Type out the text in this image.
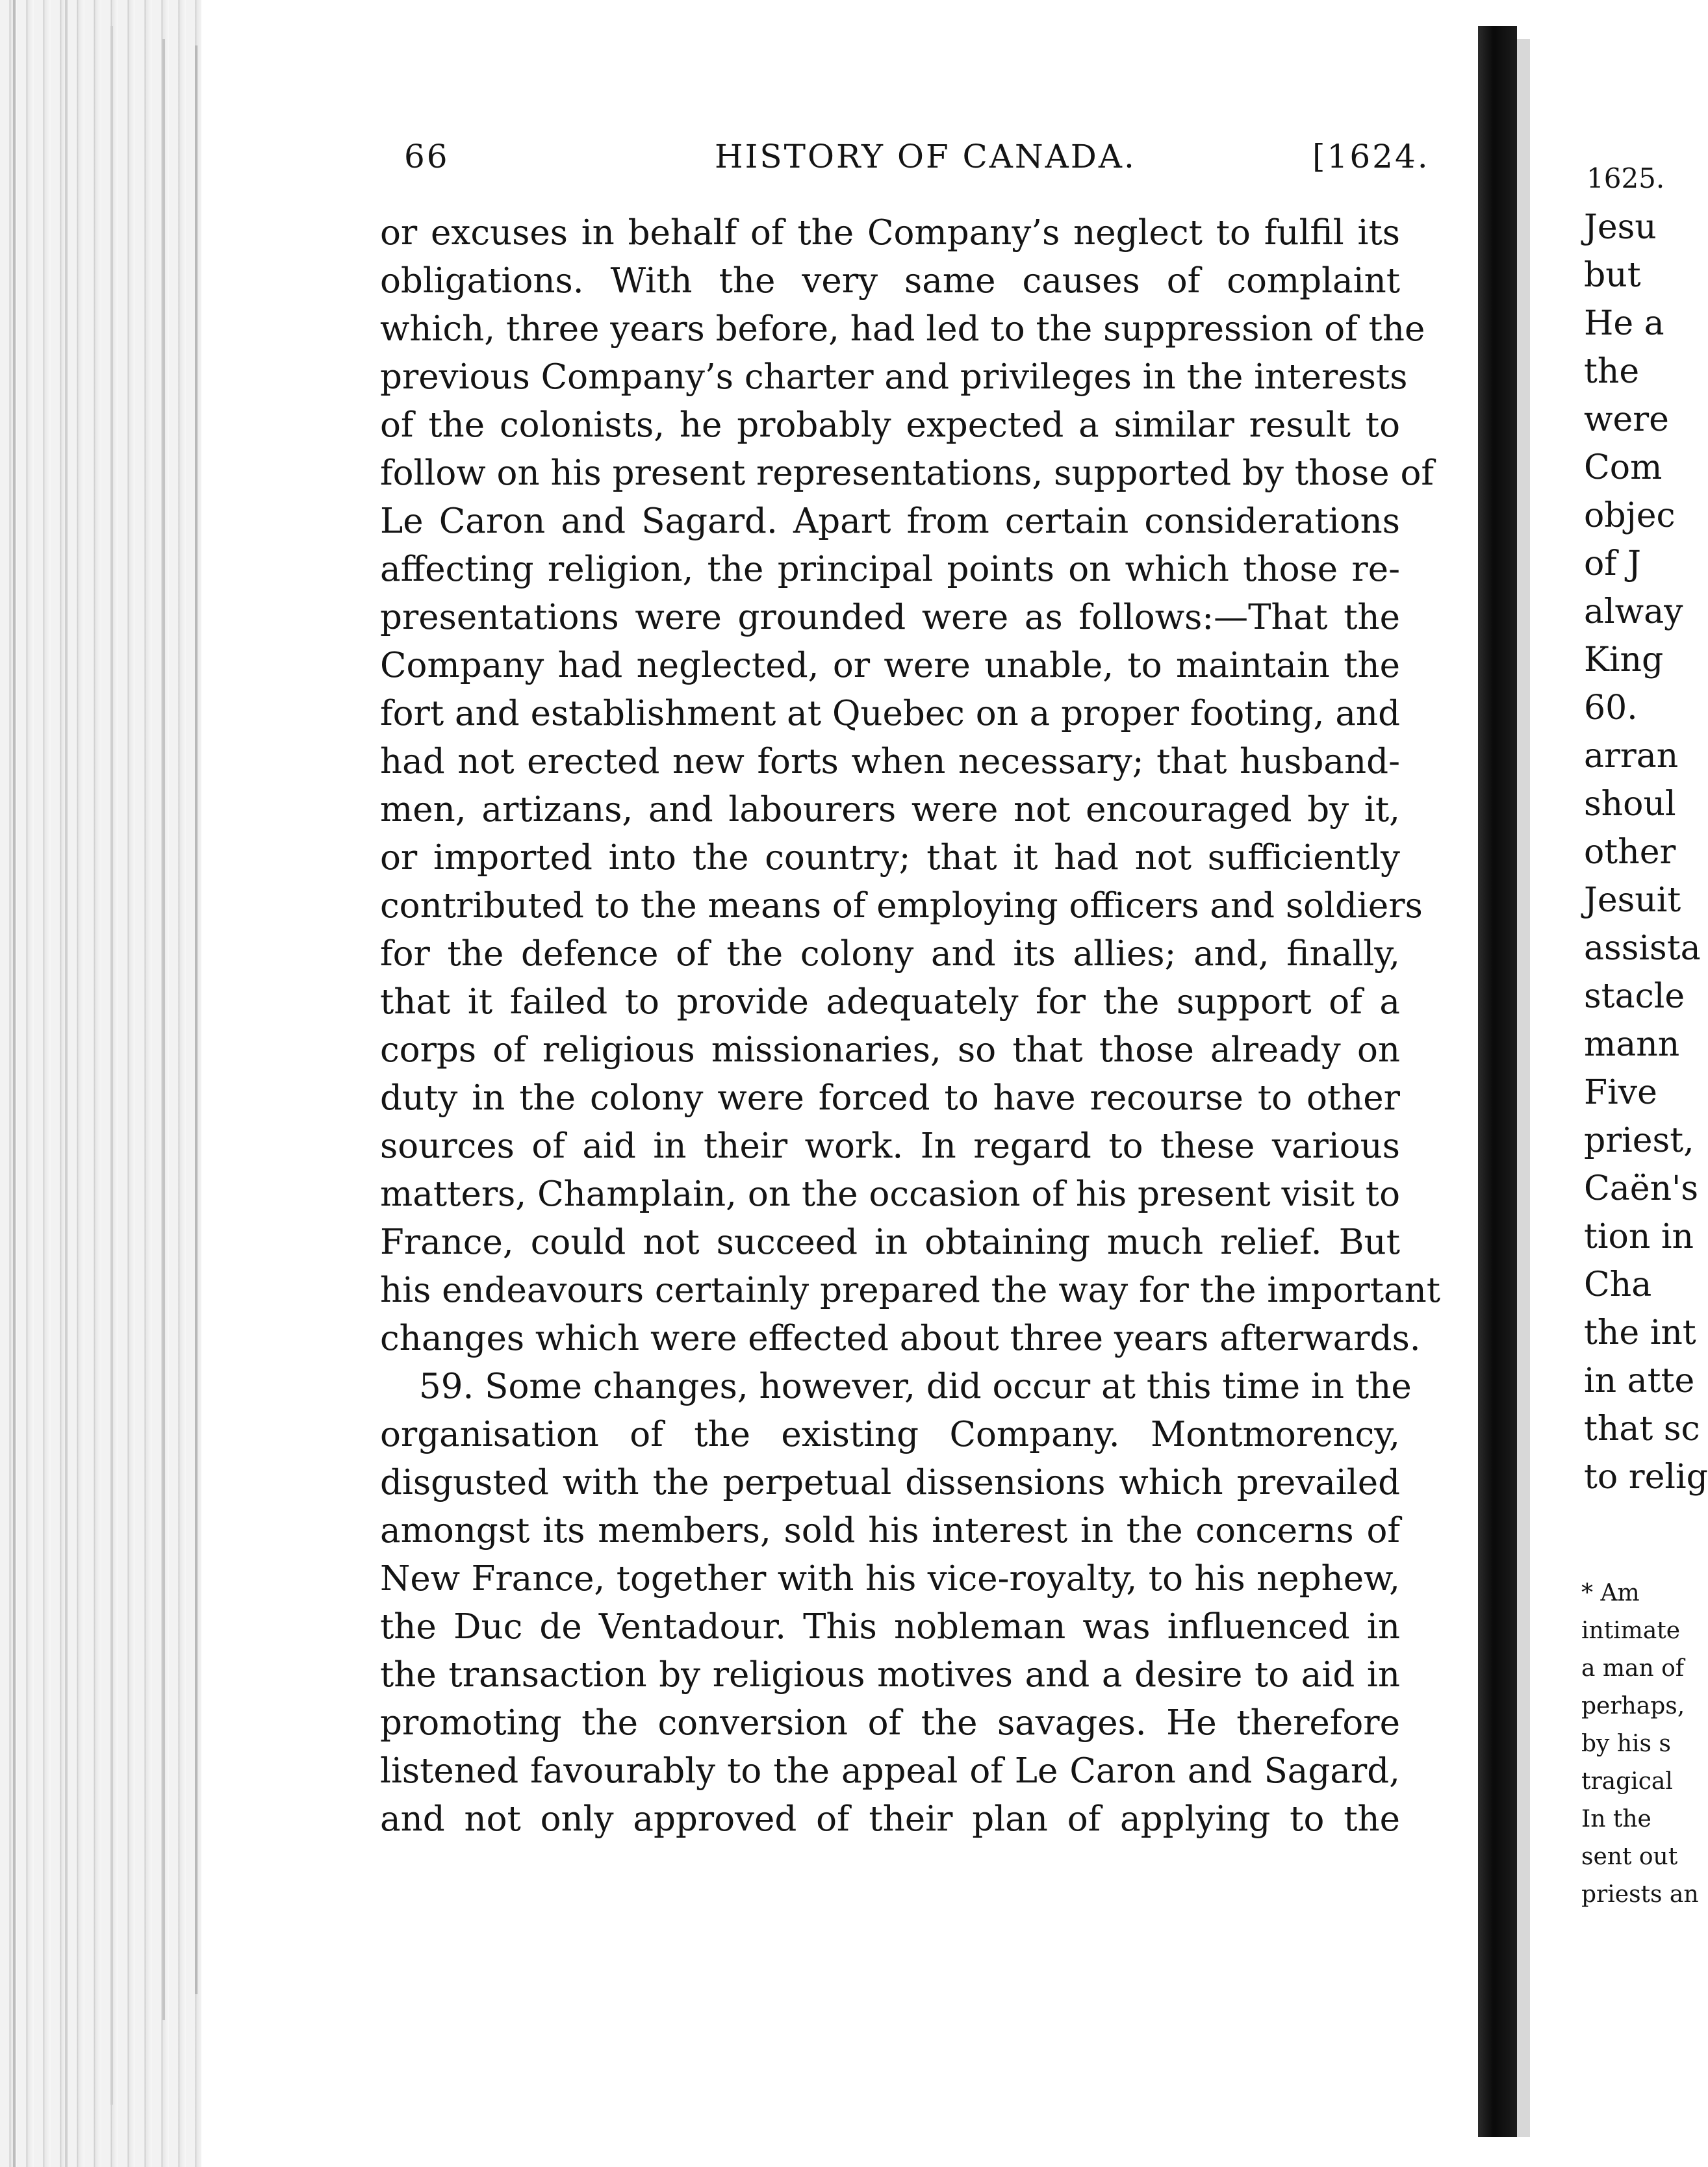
66	HISTORY OF CANADA.	[1624.
or excuses in behalf of the Company’s neglect to fulfil its
obligations. With the very same causes of complaint
which, three years before, had led to the suppression of the
previous Company’s charter and privileges in the interests
of the colonists, he probably expected a similar result to
follow on his present representations, supported by those of
Le Caron and Sagard. Apart from certain considerations
affecting religion, the principal points on which those re-
presentations were grounded were as follows:—That the
Company had neglected, or were unable, to maintain the
fort and establishment at Quebec on a proper footing, and
had not erected new forts when necessary; that husband-
men, artizans, and labourers were not encouraged by it,
or imported into the country; that it had not sufficiently
contributed to the means of employing officers and soldiers
for the defence of the colony and its allies; and, finally,
that it failed to provide adequately for the support of a
corps of religious missionaries, so that those already on
duty in the colony were forced to have recourse to other
sources of aid in their work. In regard to these various
matters, Champlain, on the occasion of his present visit to
France, could not succeed in obtaining much relief. But
his endeavours certainly prepared the way for the important
changes which were effected about three years afterwards.
59. Some changes, however, did occur at this time in the
organisation of the existing Company. Montmorency,
disgusted with the perpetual dissensions which prevailed
amongst its members, sold his interest in the concerns of
New France, together with his vice-royalty, to his nephew,
the Duc de Ventadour. This nobleman was influenced in
the transaction by religious motives and a desire to aid in
promoting the conversion of the savages. He therefore
listened favourably to the appeal of Le Caron and Sagard,
and not only approved of their plan of applying to the
1625.
Jesu
but
He a
the
were
Com
objec
of J
alway
King
60.
arran
shoul
other
Jesuit
assista
stacle
mann
Five
priest,
Caën's
tion in
Cha
the int
in atte
that sc
to relig
* Am
intimate
a man of
perhaps,
by his s
tragical
In the
sent out
priests an
